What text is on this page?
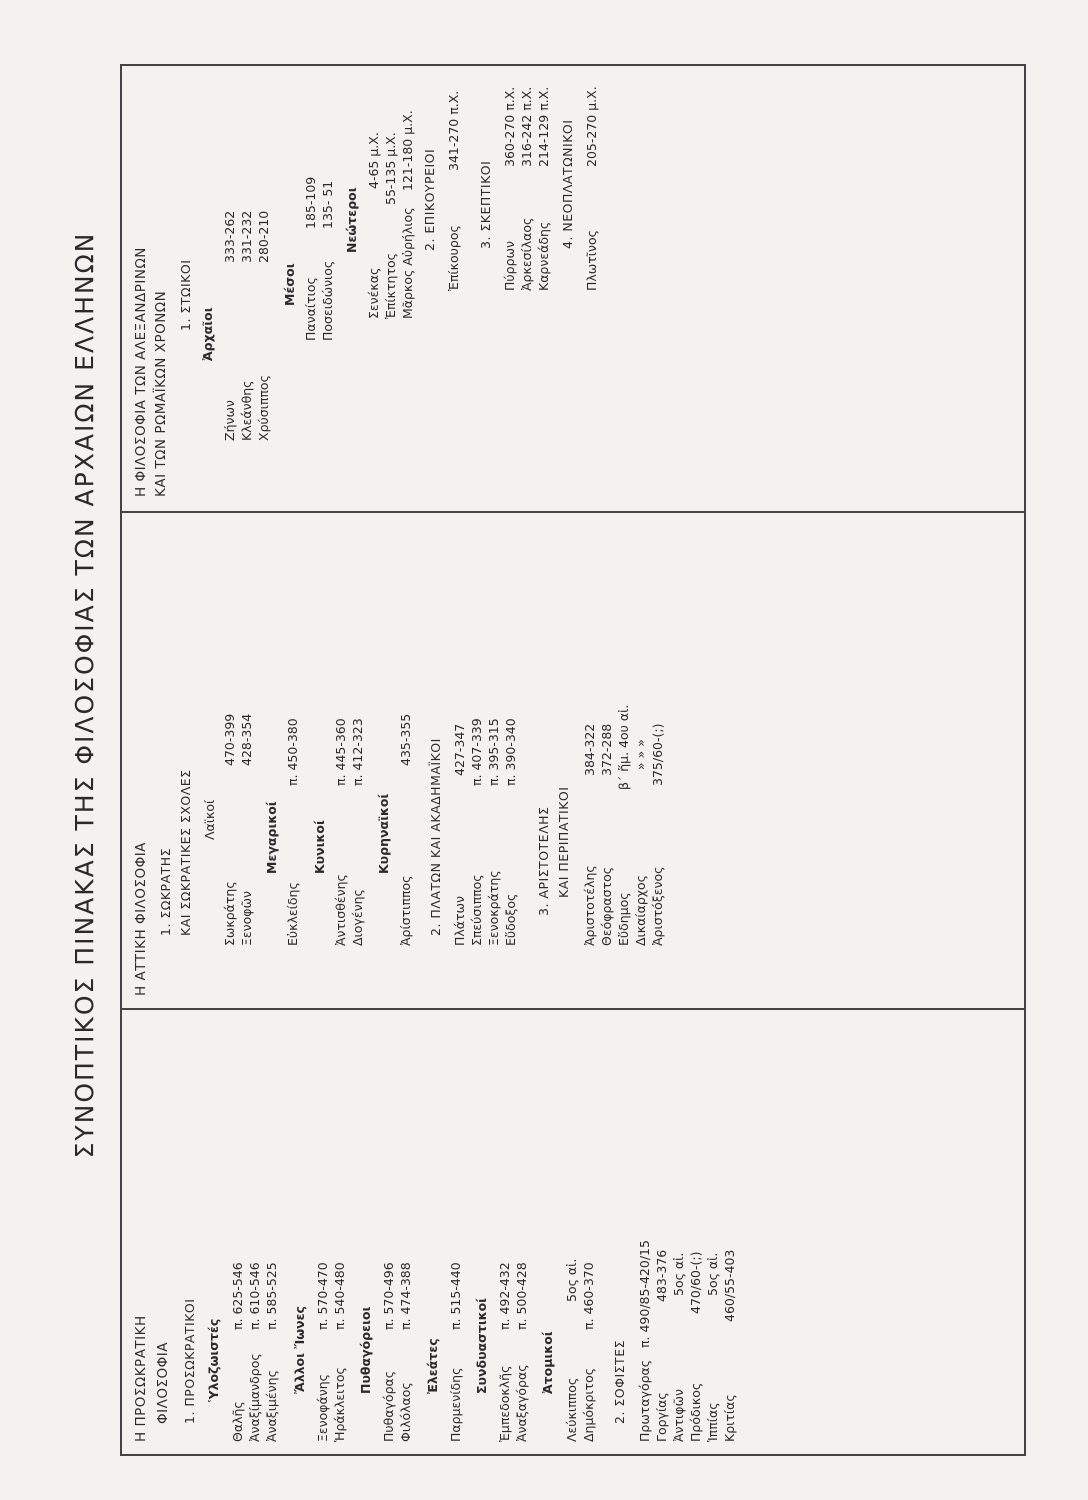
ΣΥΝΟΠΤΙΚΟΣ ΠΙΝΑΚΑΣ ΤΗΣ ΦΙΛΟΣΟΦΙΑΣ ΤΩΝ ΑΡΧΑΙΩΝ ΕΛΛΗΝΩΝ
Η ΠΡΟΣΩΚΡΑΤΙΚΗ ΦΙΛΟΣΟΦΙΑ 1. ΠΡΟΣΩΚΡΑΤΙΚΟΙ Ὑλοζωιστές
Θαλῆς
π. 625-546
Ἀναξίμανδρος
π. 610-546
Ἀναξιμένης
π. 585-525
Ἄλλοι Ἴωνες
Ξενοφάνης
π. 570-470
Ἡράκλειτος
π. 540-480
Πυθαγόρειοι
Πυθαγόρας
π. 570-496
Φιλόλαος
π. 474-388
Ἐλεάτες
Παρμενίδης
π. 515-440
Συνδυαστικοί
Ἐμπεδοκλῆς
π. 492-432
Ἀναξαγόρας
π. 500-428
Ἀτομικοί
Λεύκιππος
5ος αἰ.
Δημόκριτος
π. 460-370
2. ΣΟΦΙΣΤΕΣ Πρωταγόρας
π. 490/85-420/15
Γοργίας
483-376
Ἀντιφῶν
5ος αἰ.
Πρόδικος
470/60-(;)
Ἱππίας
5ος αἰ.
Κριτίας
460/55-403
Η ΑΤΤΙΚΗ ΦΙΛΟΣΟΦΙΑ 1. ΣΩΚΡΑΤΗΣ ΚΑΙ ΣΩΚΡΑΤΙΚΕΣ ΣΧΟΛΕΣ Λαϊκοί
Σωκράτης
470-399
Ξενοφῶν
428-354
Μεγαρικοί
Εὐκλείδης
π. 450-380
Κυνικοί
Ἀντισθένης
π. 445-360
Διογένης
π. 412-323
Κυρηναϊκοί
Ἀρίστιππος
435-355 2. ΠΛΑΤΩΝ ΚΑΙ ΑΚΑΔΗΜΑΪΚΟΙ Πλάτων
427-347
Σπεύσιππος
π. 407-339
Ξενοκράτης
π. 395-315
Εὔδοξος
π. 390-340
3. ΑΡΙΣΤΟΤΕΛΗΣ ΚΑΙ ΠΕΡΙΠΑΤΙΚΟΙ
Ἀριστοτέλης
384-322
Θεόφραστος
372-288
Εὔδημος
β΄ ἥμ. 4ου αἰ.
Δικαίαρχος
» » »
Ἀριστόξενος
375/60-(;)
Η ΦΙΛΟΣΟΦΙΑ ΤΩΝ ΑΛΕΞΑΝΔΡΙΝΩΝ ΚΑΙ ΤΩΝ ΡΩΜΑΪΚΩΝ ΧΡΟΝΩΝ 1. ΣΤΩΙΚΟΙ
Ἀρχαῖοι
Ζήνων
333-262
Κλεάνθης
331-232
Χρύσιππος
280-210
Μέσοι Παναίτιος
185-109
Ποσειδώνιος
135- 51 Νεώτεροι
Σενέκας
4-65 μ.Χ.
Ἐπίκτητος
55-135 μ.Χ.
Μᾶρκος Αὐρήλιος
121-180 μ.Χ. 2. ΕΠΙΚΟΥΡΕΙΟΙ
Ἐπίκουρος
341-270 π.Χ.
3. ΣΚΕΠΤΙΚΟΙ
Πύρρων
360-270 π.Χ.
Ἀρκεσίλαος
316-242 π.Χ.
Καρνεάδης
214-129 π.Χ. 4. ΝΕΟΠΛΑΤΩΝΙΚΟΙ
Πλωτῖνος
205-270 μ.Χ.
